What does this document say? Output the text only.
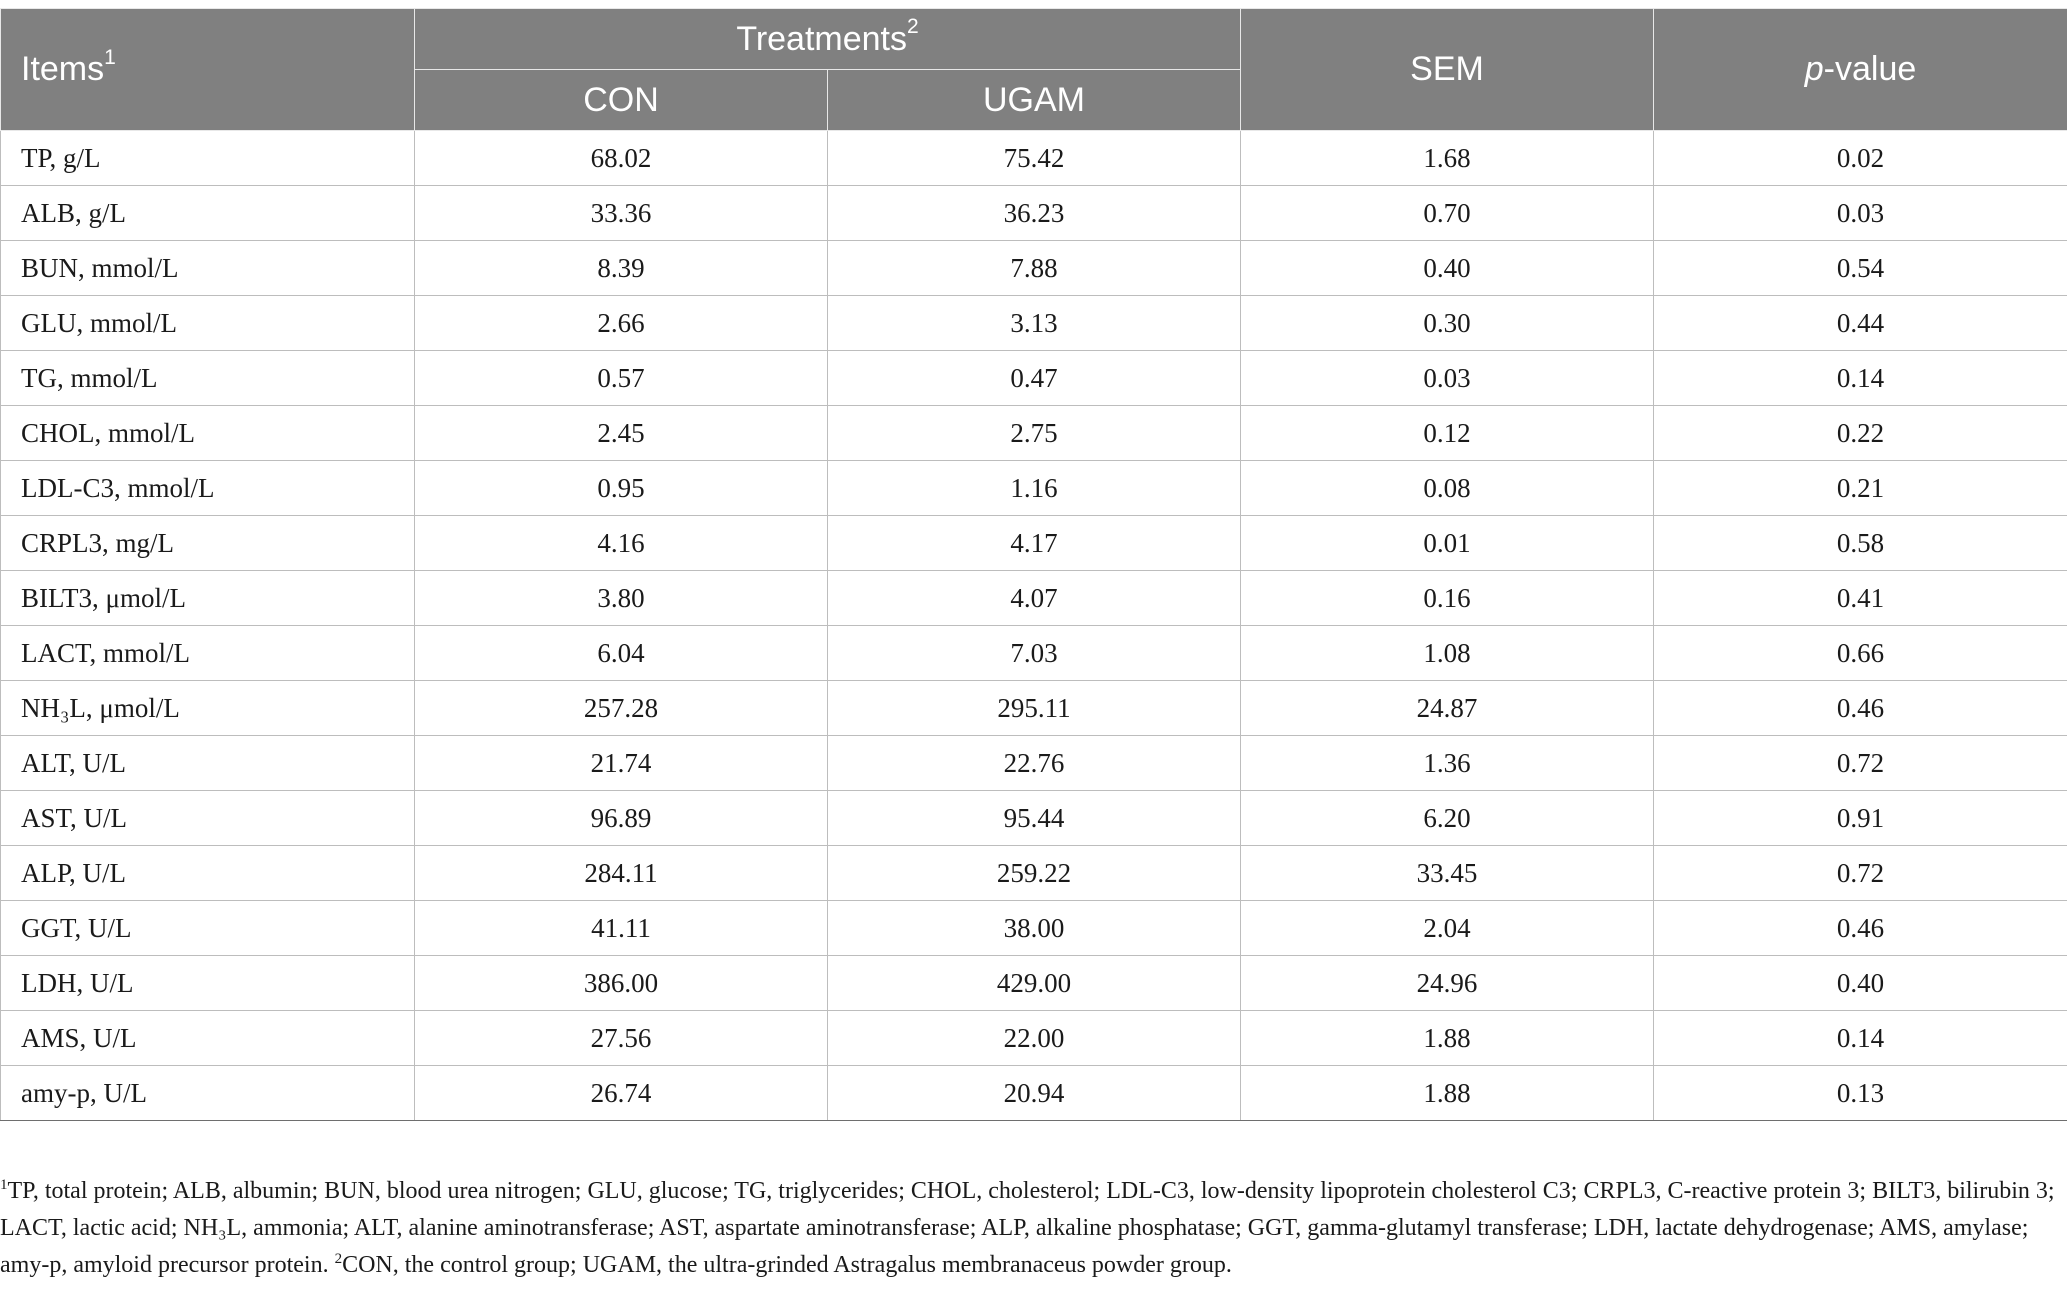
Items$^1$	Treatments$^2$		SEM	p-value
	CON	UGAM		
TP, g/L	68.02	75.42	1.68	0.02
ALB, g/L	33.36	36.23	0.70	0.03
BUN, mmol/L	8.39	7.88	0.40	0.54
GLU, mmol/L	2.66	3.13	0.30	0.44
TG, mmol/L	0.57	0.47	0.03	0.14
CHOL, mmol/L	2.45	2.75	0.12	0.22
LDL-C3, mmol/L	0.95	1.16	0.08	0.21
CRPL3, mg/L	4.16	4.17	0.01	0.58
BILT3, μmol/L	3.80	4.07	0.16	0.41
LACT, mmol/L	6.04	7.03	1.08	0.66
NH₃L, μmol/L	257.28	295.11	24.87	0.46
ALT, U/L	21.74	22.76	1.36	0.72
AST, U/L	96.89	95.44	6.20	0.91
ALP, U/L	284.11	259.22	33.45	0.72
GGT, U/L	41.11	38.00	2.04	0.46
LDH, U/L	386.00	429.00	24.96	0.40
AMS, U/L	27.56	22.00	1.88	0.14
amy-p, U/L	26.74	20.94	1.88	0.13

$^1$TP, total protein; ALB, albumin; BUN, blood urea nitrogen; GLU, glucose; TG, triglycerides; CHOL, cholesterol; LDL-C3, low-density lipoprotein cholesterol C3; CRPL3, C-reactive protein 3; BILT3, bilirubin 3; LACT, lactic acid; NH₃L, ammonia; ALT, alanine aminotransferase; AST, aspartate aminotransferase; ALP, alkaline phosphatase; GGT, gamma-glutamyl transferase; LDH, lactate dehydrogenase; AMS, amylase; amy-p, amyloid precursor protein. $^2$CON, the control group; UGAM, the ultra-grinded Astragalus membranaceus powder group.
